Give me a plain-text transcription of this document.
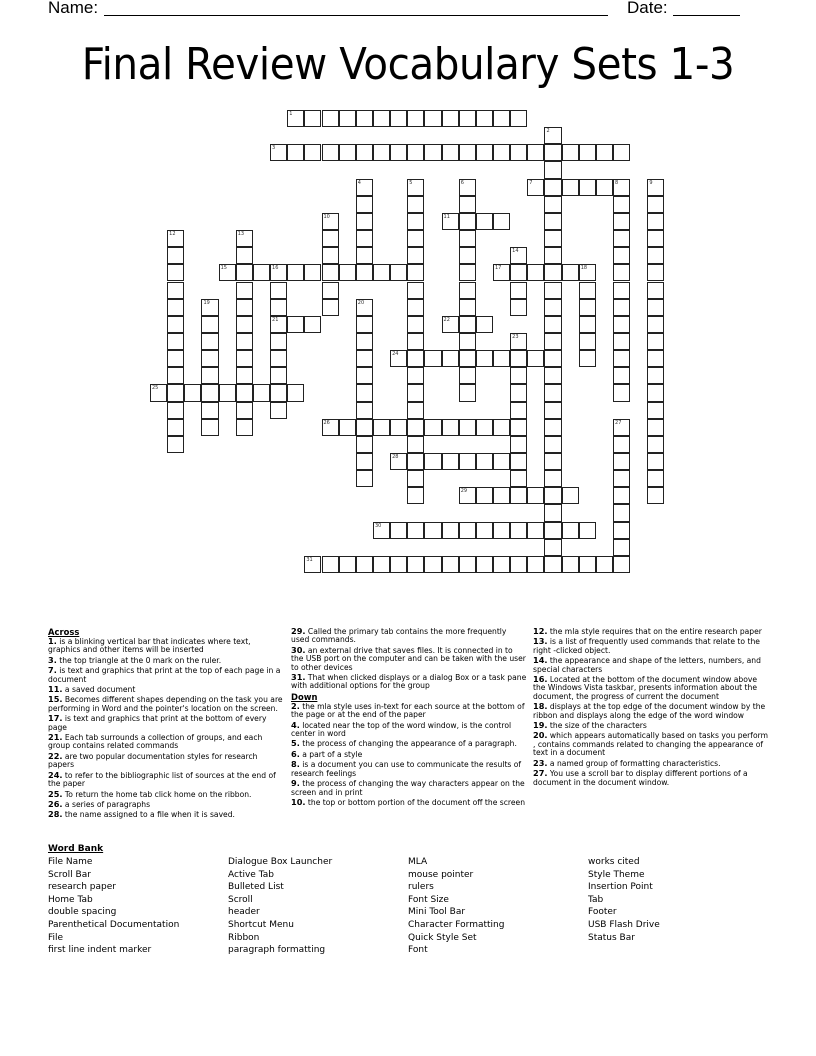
Name:	Date:
Final Review Vocabulary Sets 1-3
1
2
3
4	5	6	7	8	9
10	11
12	13
14
15	16
21
17	18
19	20
22
23
24
25
26	27
28
29
30
31
Across
1. is a blinking vertical bar that indicates where text, graphics and other items will be inserted
3. the top triangle at the 0 mark on the ruler.
7. is text and graphics that print at the top of each page in a document
11. a saved document
15. Becomes different shapes depending on the task you are performing in Word and the pointer's location on the screen.
17. is text and graphics that print at the bottom of every page
21. Each tab surrounds a collection of groups, and each group contains related commands
22. are two popular documentation styles for research papers
24. to refer to the bibliographic list of sources at the end of the paper
25. To return the home tab click home on the ribbon.
26. a series of paragraphs
28. the name assigned to a file when it is saved.
29. Called the primary tab contains the more frequently used commands.
30. an external drive that saves files. It is connected in to the USB port on the computer and can be taken with the user to other devices
31. That when clicked displays or a dialog Box or a task pane with additional options for the group
Down
2. the mla style uses in-text for each source at the bottom of the page or at the end of the paper
4. located near the top of the word window, is the control center in word
5. the process of changing the appearance of a paragraph.
6. a part of a style
8. is a document you can use to communicate the results of research feelings
9. the process of changing the way characters appear on the screen and in print
10. the top or bottom portion of the document off the screen
12. the mla style requires that on the entire research paper
13. is a list of frequently used commands that relate to the right -clicked object.
14. the appearance and shape of the letters, numbers, and special characters
16. Located at the bottom of the document window above the Windows Vista taskbar, presents information about the document, the progress of current the document
18. displays at the top edge of the document window by the ribbon and displays along the edge of the word window
19. the size of the characters
20. which appears automatically based on tasks you perform , contains commands related to changing the appearance of text in a document
23. a named group of formatting characteristics.
27. You use a scroll bar to display different portions of a document in the document window.
Word Bank
File Name
Scroll Bar
research paper
Home Tab
double spacing
Parenthetical Documentation
File
first line indent marker
Dialogue Box Launcher
Active Tab
Bulleted List
Scroll
header
Shortcut Menu
Ribbon
paragraph formatting
MLA
mouse pointer
rulers
Font Size
Mini Tool Bar
Character Formatting
Quick Style Set
Font
works cited
Style Theme
Insertion Point
Tab
Footer
USB Flash Drive
Status Bar
